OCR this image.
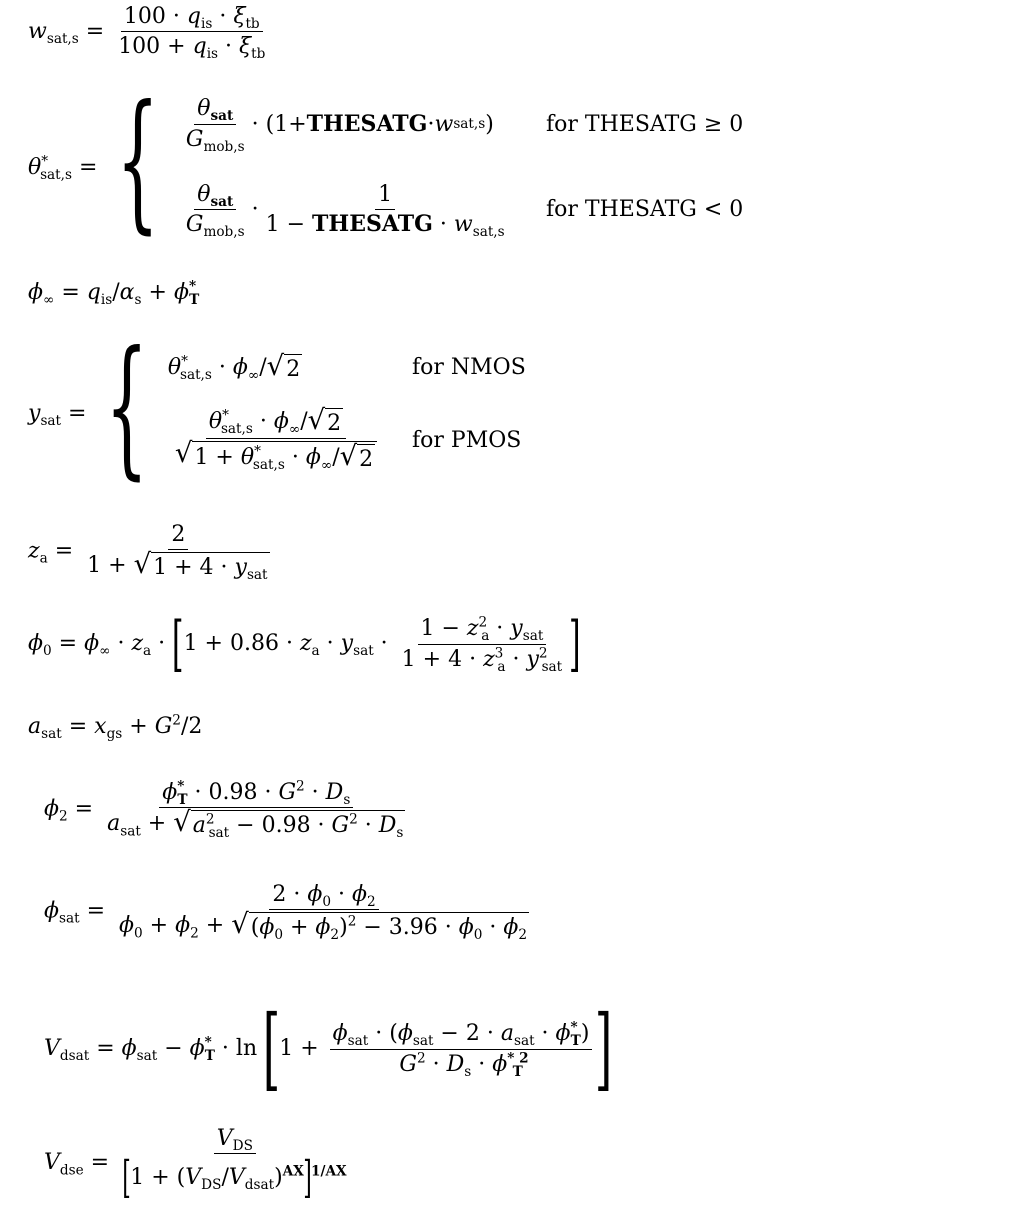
$w_{sat,s} = \frac{100 \cdot q_{is} \cdot \xi_{tb}}{100 + q_{is} \cdot \xi_{tb}}$
$\theta^*_{sat,s}$ = { $\frac{\theta_{sat}}{G_{mob,s}}$ · ( 1 + THESATG · w sat,s ) for THESATG ≥ 0
$\frac{\theta_{sat}}{G_{mob,s}} \cdot \frac{1}{1 - THESATG \cdot w_{sat,s}}$ for THESATG < 0
$\phi_\infty = q_{is}/\alpha_s + \phi^*_T$
$y_{sat}$ = { $\theta^*_{sat,s} \cdot \phi_\infty/$ √ 2	for NMOS
$\frac{\theta^*_{sat,s} \cdot \phi_\infty/ √ 2}{√ 1 + \theta^*_{sat,s} \cdot \phi_\infty/ √ 2}$ for PMOS
$z_a = \frac{2}{1 + √ 1 + 4 \cdot y_{sat}}$
$\phi_0 = \phi_\infty \cdot z_a \cdot [1 + 0.86 \cdot z_a \cdot y_{sat} \cdot \frac{1 - z^2_a \cdot y_{sat}}{1 + 4 \cdot z^3_a \cdot y^2_{sat}}$ ]
$a_{sat} = x_{gs} + G^2/2$
$\phi_2 = \frac{\phi^*_T \cdot 0.98 \cdot G^2 \cdot D_s}{a_{sat} + √ a^2_{sat} - 0.98 \cdot G^2 \cdot D_s}$
$\phi_{sat} = \frac{2 \cdot \phi_0 \cdot \phi_2}{\phi_0 + \phi_2 + √ (\phi_0 + \phi_2)^2 - 3.96 \cdot \phi_0 \cdot \phi_2}$
$V_{dsat} = \phi_{sat} - \phi^*_T \cdot \ln [1 + \frac{\phi_{sat} \cdot (\phi_{sat} - 2 \cdot a_{sat} \cdot \phi^*_T)}{G^2 \cdot D_s \cdot \phi^{* 2}_T}$ ]
$V_{dse} = \frac{V_{DS}}{[1 + (V_{DS}/V_{dsat})^{AX}]^{1/AX}}$
